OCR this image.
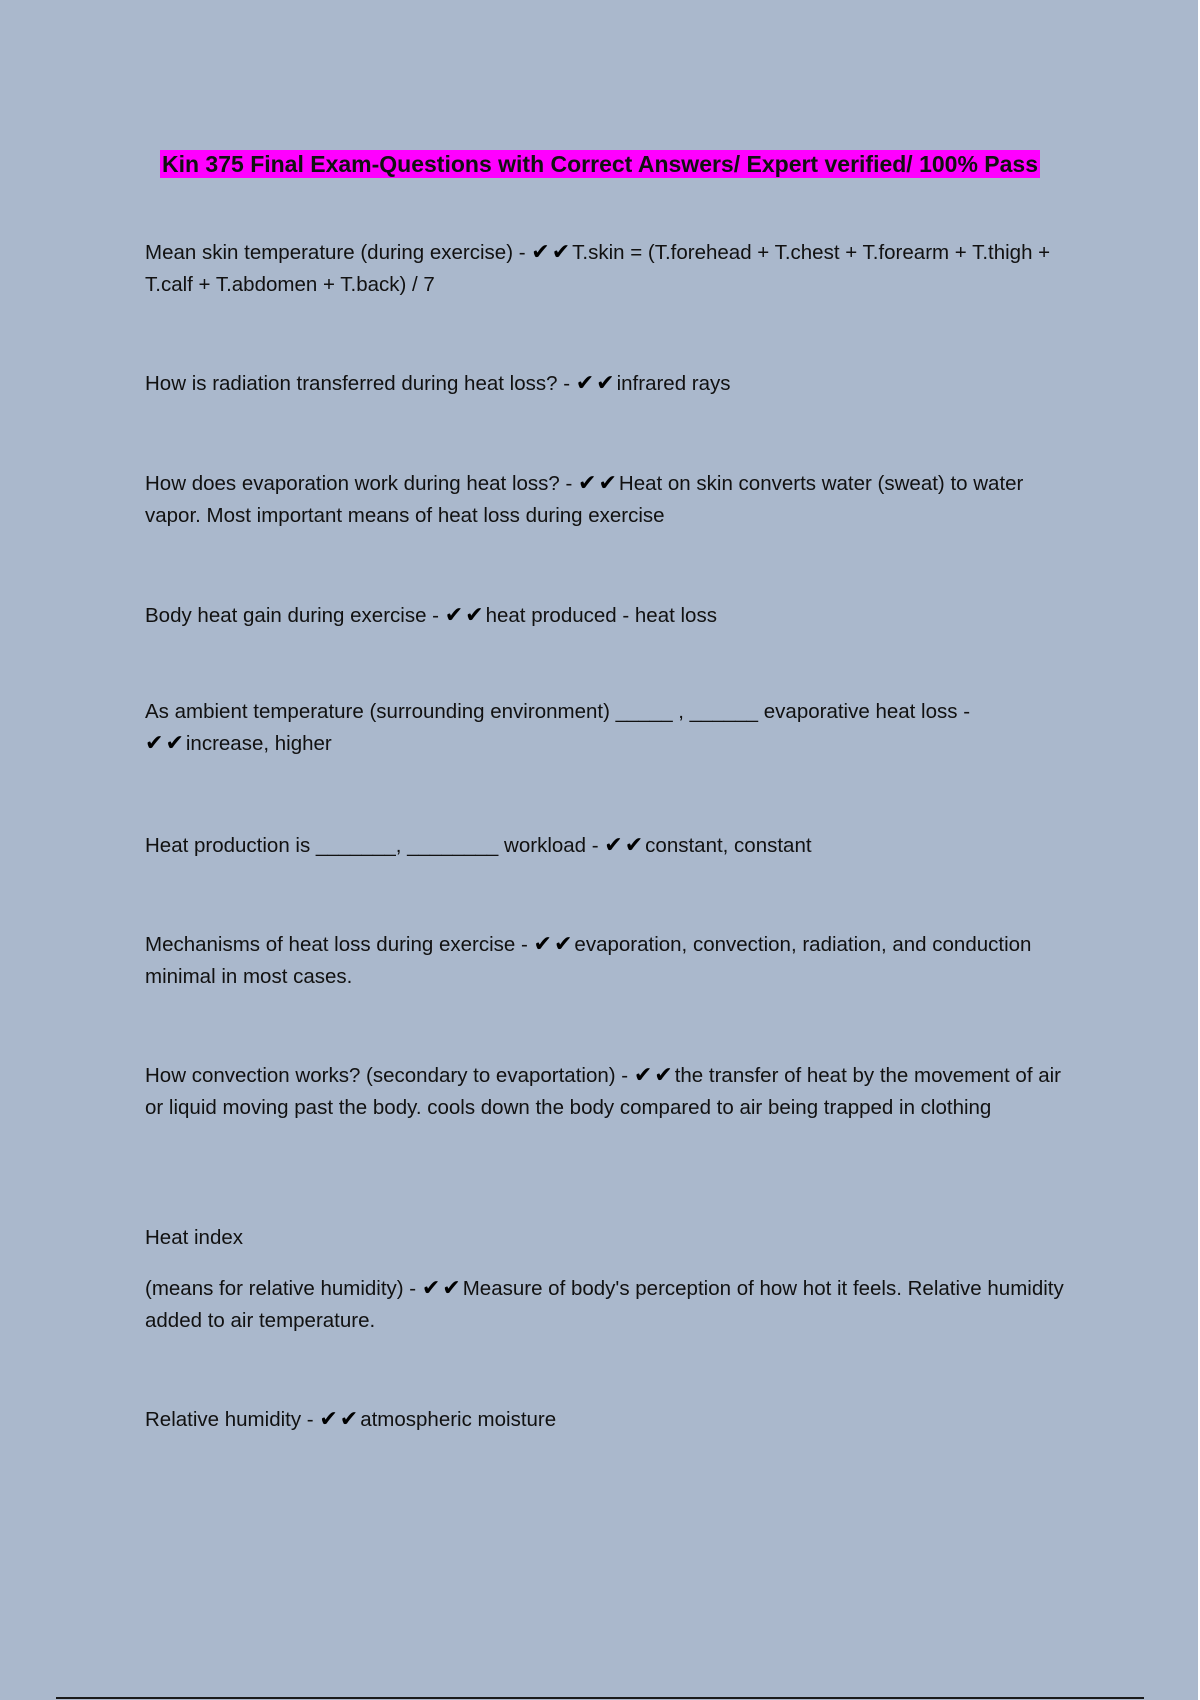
Kin 375 Final Exam-Questions with Correct Answers/ Expert verified/ 100% Pass
Mean skin temperature (during exercise) - ✔✔T.skin = (T.forehead + T.chest + T.forearm + T.thigh + T.calf + T.abdomen + T.back) / 7
How is radiation transferred during heat loss? - ✔✔infrared rays
How does evaporation work during heat loss? - ✔✔Heat on skin converts water (sweat) to water vapor. Most important means of heat loss during exercise
Body heat gain during exercise - ✔✔heat produced - heat loss
As ambient temperature (surrounding environment) _____ , ______ evaporative heat loss - ✔✔increase, higher
Heat production is _______, ________ workload - ✔✔constant, constant
Mechanisms of heat loss during exercise - ✔✔evaporation, convection, radiation, and conduction minimal in most cases.
How convection works? (secondary to evaportation) - ✔✔the transfer of heat by the movement of air or liquid moving past the body. cools down the body compared to air being trapped in clothing
Heat index
(means for relative humidity) - ✔✔Measure of body's perception of how hot it feels. Relative humidity added to air temperature.
Relative humidity - ✔✔atmospheric moisture
